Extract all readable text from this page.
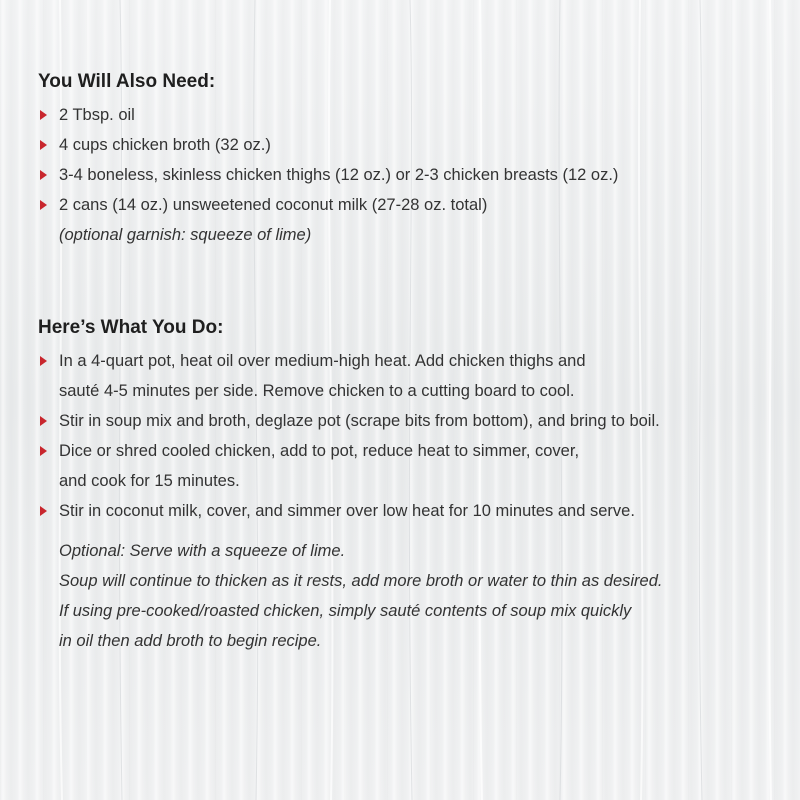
You Will Also Need:
2 Tbsp. oil
4 cups chicken broth (32 oz.)
3-4 boneless, skinless chicken thighs (12 oz.) or 2-3 chicken breasts (12 oz.)
2 cans (14 oz.) unsweetened coconut milk (27-28 oz. total)
(optional garnish: squeeze of lime)
Here’s What You Do:
In a 4-quart pot, heat oil over medium-high heat. Add chicken thighs and
sauté 4-5 minutes per side. Remove chicken to a cutting board to cool.
Stir in soup mix and broth, deglaze pot (scrape bits from bottom), and bring to boil.
Dice or shred cooled chicken, add to pot, reduce heat to simmer, cover,
and cook for 15 minutes.
Stir in coconut milk, cover, and simmer over low heat for 10 minutes and serve.
Optional: Serve with a squeeze of lime.
Soup will continue to thicken as it rests, add more broth or water to thin as desired.
If using pre-cooked/roasted chicken, simply sauté contents of soup mix quickly
in oil then add broth to begin recipe.
